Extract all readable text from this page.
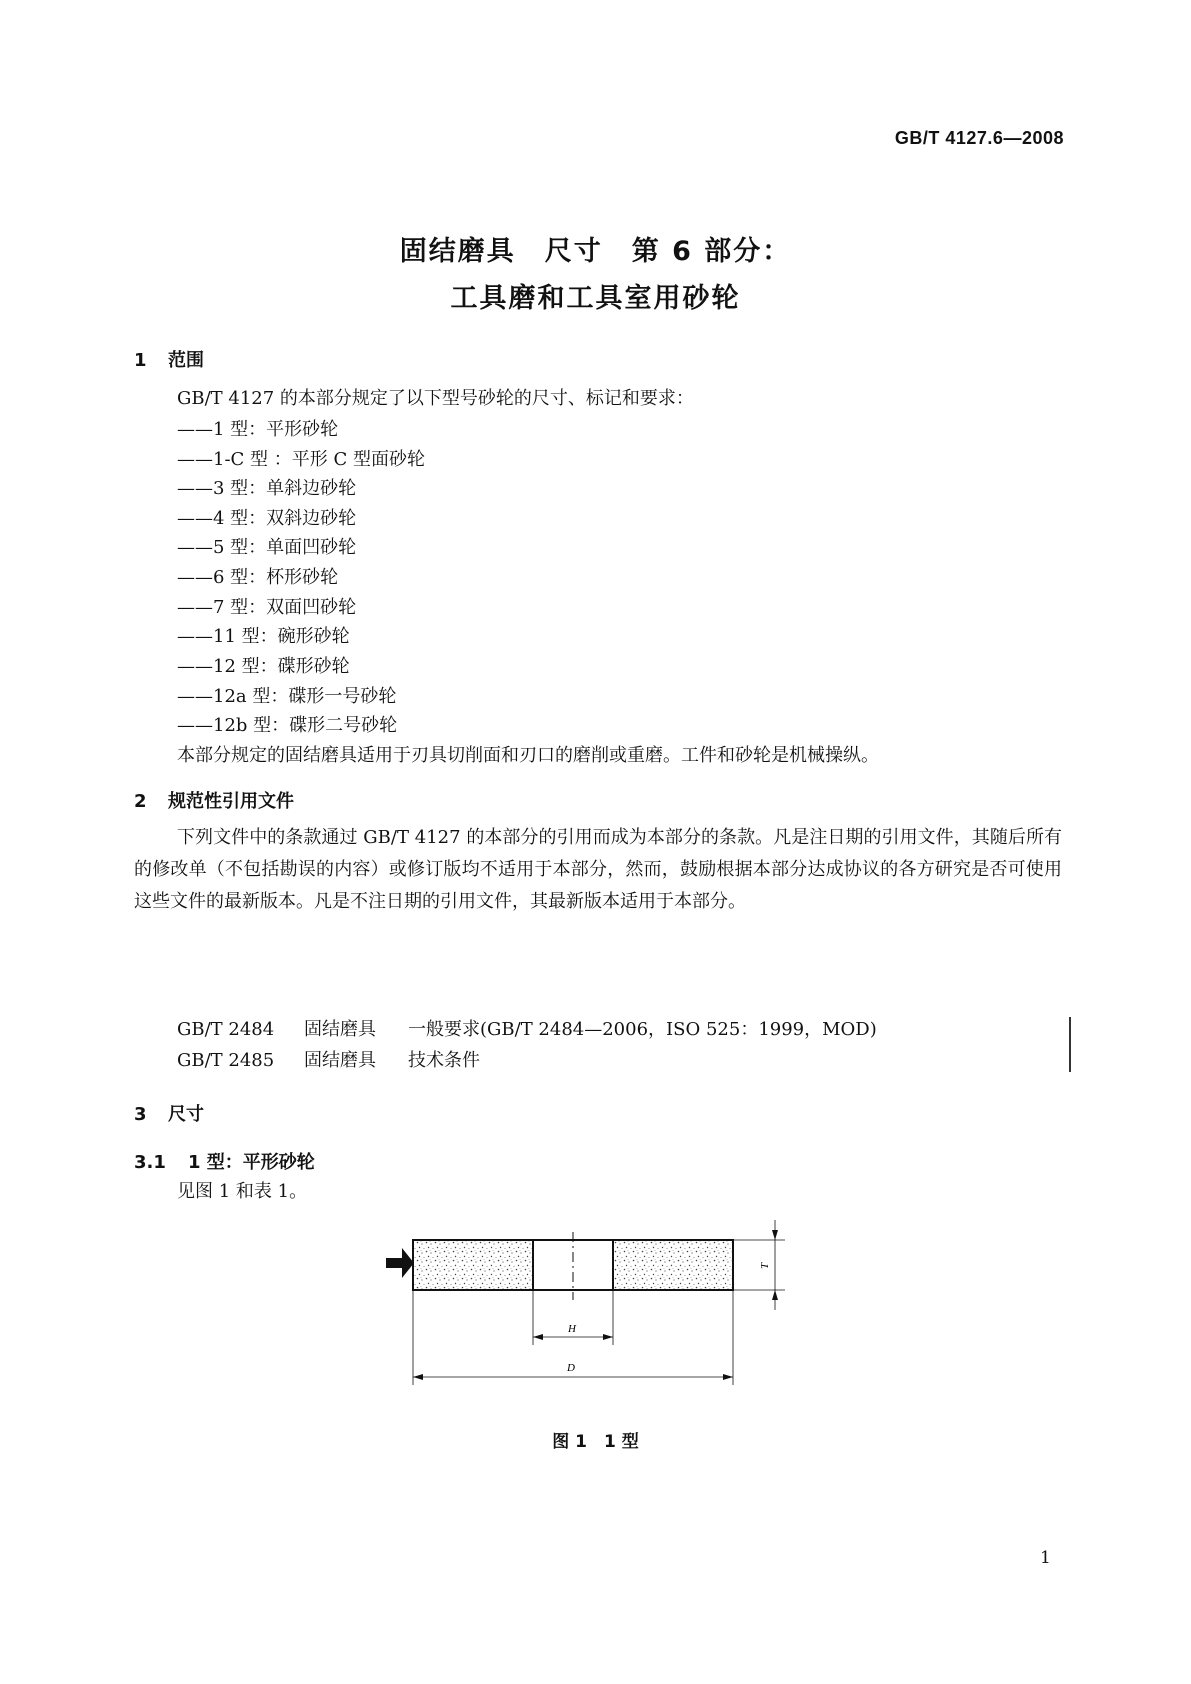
GB/T 4127.6—2008
固结磨具　尺寸　第 6 部分：
工具磨和工具室用砂轮
1 范围
GB/T 4127 的本部分规定了以下型号砂轮的尺寸、标记和要求：
——1 型：平形砂轮
——1-C 型 ：平形 C 型面砂轮
——3 型：单斜边砂轮
——4 型：双斜边砂轮
——5 型：单面凹砂轮
——6 型：杯形砂轮
——7 型：双面凹砂轮
——11 型：碗形砂轮
——12 型：碟形砂轮
——12a 型：碟形一号砂轮
——12b 型：碟形二号砂轮
本部分规定的固结磨具适用于刃具切削面和刃口的磨削或重磨。工件和砂轮是机械操纵。
2 规范性引用文件
下列文件中的条款通过 GB/T 4127 的本部分的引用而成为本部分的条款。凡是注日期的引用文件，其随后所有的修改单（不包括勘误的内容）或修订版均不适用于本部分，然而，鼓励根据本部分达成协议的各方研究是否可使用这些文件的最新版本。凡是不注日期的引用文件，其最新版本适用于本部分。
GB/T 2484 固结磨具 一般要求(GB/T 2484—2006，ISO 525：1999，MOD)
GB/T 2485 固结磨具 技术条件
3 尺寸
3.1 1 型：平形砂轮
见图 1 和表 1。
T
H
D
图 1　1 型
1
